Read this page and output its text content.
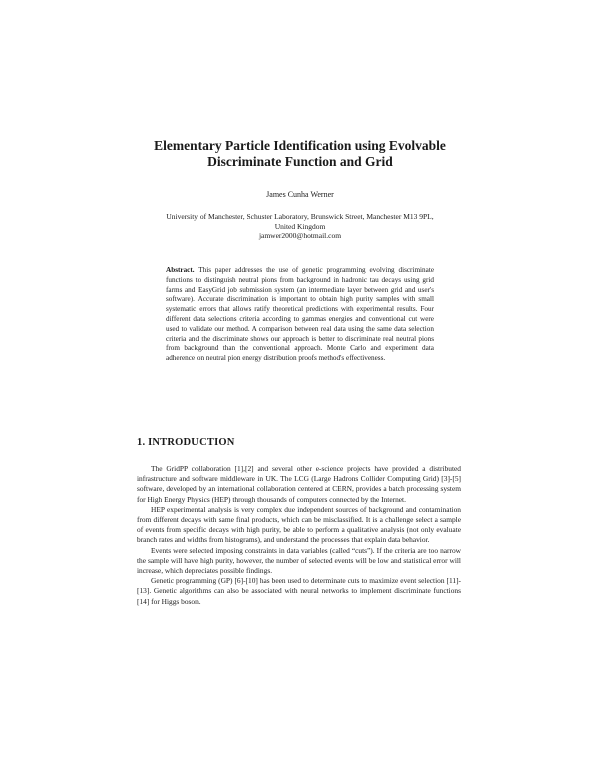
Elementary Particle Identification using Evolvable
Discriminate Function and Grid
James Cunha Werner
University of Manchester, Schuster Laboratory, Brunswick Street, Manchester M13 9PL,
United Kingdom
jamwer2000@hotmail.com

Abstract. This paper addresses the use of genetic programming evolving discriminate functions to distinguish neutral pions from background in hadronic tau decays using grid farms and EasyGrid job submission system (an intermediate layer between grid and user's software). Accurate discrimination is important to obtain high purity samples with small systematic errors that allows ratify theoretical predictions with experimental results. Four different data selections criteria according to gammas energies and conventional cut were used to validate our method. A comparison between real data using the same data selection criteria and the discriminate shows our approach is better to discriminate real neutral pions from background than the conventional approach. Monte Carlo and experiment data adherence on neutral pion energy distribution proofs method's effectiveness.

1. INTRODUCTION

The GridPP collaboration [1],[2] and several other e-science projects have provided a distributed infrastructure and software middleware in UK. The LCG (Large Hadrons Collider Computing Grid) [3]-[5] software, developed by an international collaboration centered at CERN, provides a batch processing system for High Energy Physics (HEP) through thousands of computers connected by the Internet.

HEP experimental analysis is very complex due independent sources of background and contamination from different decays with same final products, which can be misclassified. It is a challenge select a sample of events from specific decays with high purity, be able to perform a qualitative analysis (not only evaluate branch rates and widths from histograms), and understand the processes that explain data behavior.

Events were selected imposing constraints in data variables (called “cuts”). If the criteria are too narrow the sample will have high purity, however, the number of selected events will be low and statistical error will increase, which depreciates possible findings.

Genetic programming (GP) [6]-[10] has been used to determinate cuts to maximize event selection [11]-[13]. Genetic algorithms can also be associated with neural networks to implement discriminate functions [14] for Higgs boson.
